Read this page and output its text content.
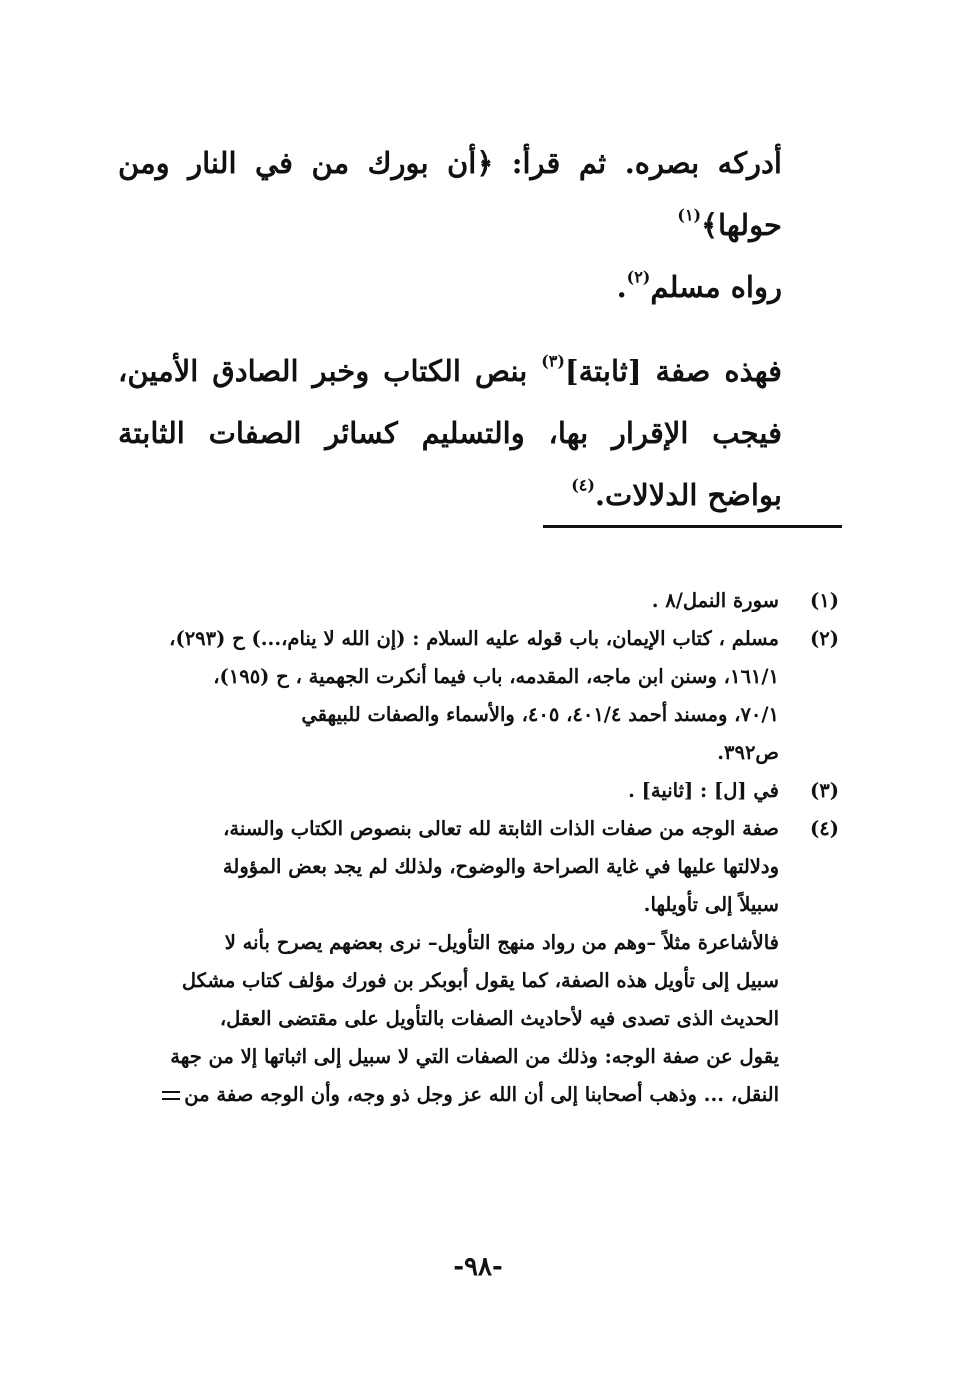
أدركه بصره. ثم قرأ: ﴿أن بورك من في النار ومن حولها﴾$^{(١)}$
رواه مسلم$^{(٢)}$.

فهذه صفة [ثابتة]$^{(٣)}$ بنص الكتاب وخبر الصادق الأمين، فيجب الإقرار بها، والتسليم كسائر الصفات الثابتة بواضح الدلالات.$^{(٤)}$

(١)
سورة النمل/٨ .
(٢)
مسلم ، كتاب الإيمان، باب قوله عليه السلام : (إن الله لا ينام،...) ح (٢٩٣)،
١٦١/١، وسنن ابن ماجه، المقدمه، باب فيما أنكرت الجهمية ، ح (١٩٥)،
٧٠/١، ومسند أحمد ٤٠١/٤، ٤٠٥، والأسماء والصفات للبيهقي
ص٣٩٢.
(٣)
في [ل] : [ثانية] .
(٤)
صفة الوجه من صفات الذات الثابتة لله تعالى بنصوص الكتاب والسنة،
ودلالتها عليها في غاية الصراحة والوضوح، ولذلك لم يجد بعض المؤولة
سبيلاً إلى تأويلها.
فالأشاعرة مثلاً –وهم من رواد منهج التأويل– نرى بعضهم يصرح بأنه لا
سبيل إلى تأويل هذه الصفة، كما يقول أبوبكر بن فورك مؤلف كتاب مشكل
الحديث الذى تصدى فيه لأحاديث الصفات بالتأويل على مقتضى العقل،
يقول عن صفة الوجه: وذلك من الصفات التي لا سبيل إلى اثباتها إلا من جهة
النقل، ... وذهب أصحابنا إلى أن الله عز وجل ذو وجه، وأن الوجه صفة من
-٩٨-
